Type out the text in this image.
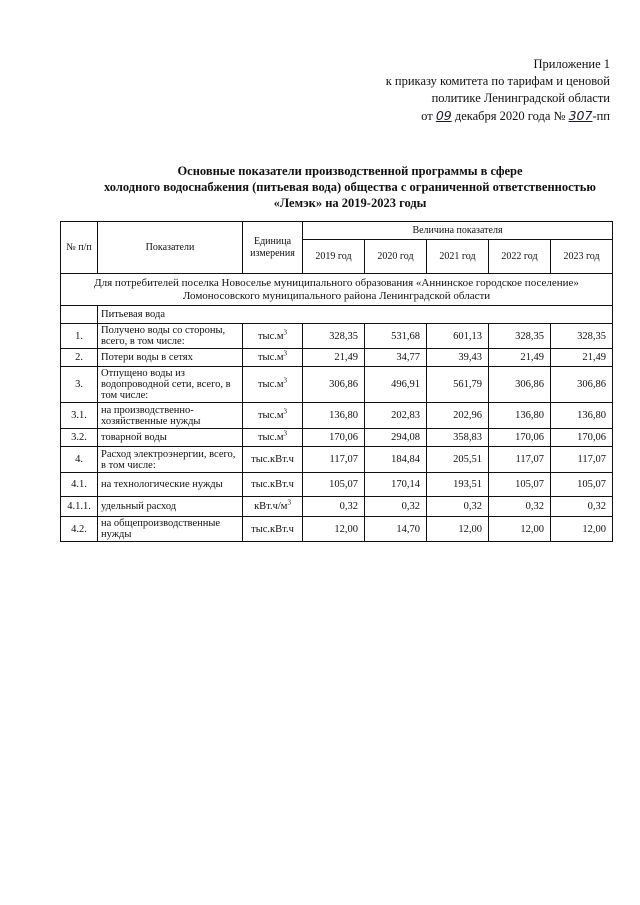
Приложение 1
к приказу комитета по тарифам и ценовой
политике Ленинградской области
от 09 декабря 2020 года № 307-пп
Основные показатели производственной программы в сфере
холодного водоснабжения (питьевая вода) общества с ограниченной ответственностью
«Лемэк» на 2019-2023 годы
№ п/п	Показатели	Единица измерения	Величина показателя				
			2019 год	2020 год	2021 год	2022 год	2023 год
Для потребителей поселка Новоселье муниципального образования «Аннинское городское поселение» Ломоносовского муниципального района Ленинградской области							
	Питьевая вода						
1.	Получено воды со стороны, всего, в том числе:	$тыс.м^3$	328,35	531,68	601,13	328,35	328,35
2.	Потери воды в сетях	$тыс.м^3$	21,49	34,77	39,43	21,49	21,49
3.	Отпущено воды из водопроводной сети, всего, в том числе:	$тыс.м^3$	306,86	496,91	561,79	306,86	306,86
3.1.	на производственно-хозяйственные нужды	$тыс.м^3$	136,80	202,83	202,96	136,80	136,80
3.2.	товарной воды	$тыс.м^3$	170,06	294,08	358,83	170,06	170,06
4.	Расход электроэнергии, всего, в том числе:	тыс.кВт.ч	117,07	184,84	205,51	117,07	117,07
4.1.	на технологические нужды	тыс.кВт.ч	105,07	170,14	193,51	105,07	105,07
4.1.1.	удельный расход	$кВт.ч/м^3$	0,32	0,32	0,32	0,32	0,32
4.2.	на общепроизводственные нужды	тыс.кВт.ч	12,00	14,70	12,00	12,00	12,00
